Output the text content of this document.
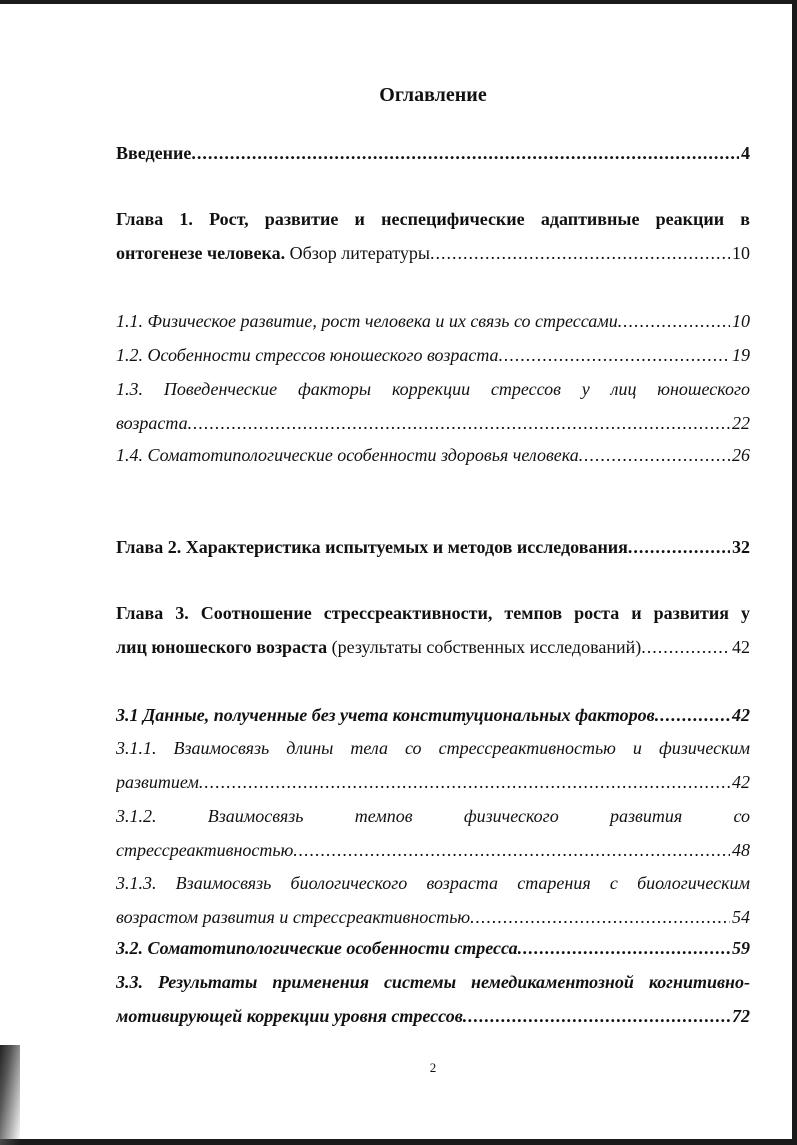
Оглавление
Введение .....	4
Глава 1. Рост, развитие и неспецифические адаптивные реакции в
онтогенезе человека. Обзор литературы .....	10
1.1. Физическое развитие, рост человека и их связь со стрессами .....	10
1.2. Особенности стрессов юношеского возраста .....	19
1.3. Поведенческие факторы коррекции стрессов у лиц юношеского
возраста .....	22
1.4. Соматотипологические особенности здоровья человека .....	26
Глава 2. Характеристика испытуемых и методов исследования .....	32
Глава 3. Соотношение стрессреактивности, темпов роста и развития у
лиц юношеского возраста (результаты собственных исследований) .....	42
3.1 Данные, полученные без учета конституциональных факторов .....	42
3.1.1. Взаимосвязь длины тела со стрессреактивностью и физическим
развитием .....	42
3.1.2. Взаимосвязь темпов физического развития со
стрессреактивностью .....	48
3.1.3. Взаимосвязь биологического возраста старения с биологическим
возрастом развития и стрессреактивностью .....	54
3.2. Соматотипологические особенности стресса .....	59
3.3. Результаты применения системы немедикаментозной когнитивно-
мотивирующей коррекции уровня стрессов .....	72
2
